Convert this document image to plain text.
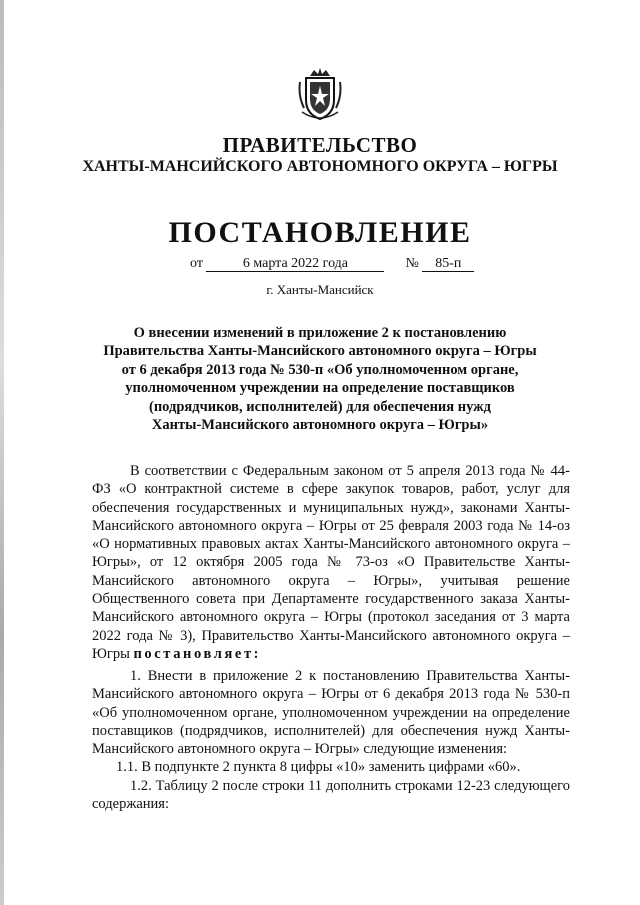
ПРАВИТЕЛЬСТВО
ХАНТЫ-МАНСИЙСКОГО АВТОНОМНОГО ОКРУГА – ЮГРЫ
ПОСТАНОВЛЕНИЕ
от	6 марта 2022 года	№ 85-п
г. Ханты-Мансийск
О внесении изменений в приложение 2 к постановлению
Правительства Ханты-Мансийского автономного округа – Югры
от 6 декабря 2013 года № 530-п «Об уполномоченном органе,
уполномоченном учреждении на определение поставщиков
(подрядчиков, исполнителей) для обеспечения нужд
Ханты-Мансийского автономного округа – Югры»

В соответствии с Федеральным законом от 5 апреля 2013 года № 44-ФЗ «О контрактной системе в сфере закупок товаров, работ, услуг для обеспечения государственных и муниципальных нужд», законами Ханты-Мансийского автономного округа – Югры от 25 февраля 2003 года № 14-оз «О нормативных правовых актах Ханты-Мансийского автономного округа – Югры», от 12 октября 2005 года № 73-оз «О Правительстве Ханты-Мансийского автономного округа – Югры», учитывая решение Общественного совета при Департаменте государственного заказа Ханты-Мансийского автономного округа – Югры (протокол заседания от 3 марта 2022 года № 3), Правительство Ханты-Мансийского автономного округа – Югры постановляет:

1. Внести в приложение 2 к постановлению Правительства Ханты-Мансийского автономного округа – Югры от 6 декабря 2013 года № 530-п «Об уполномоченном органе, уполномоченном учреждении на определение поставщиков (подрядчиков, исполнителей) для обеспечения нужд Ханты-Мансийского автономного округа – Югры» следующие изменения:

1.1. В подпункте 2 пункта 8 цифры «10» заменить цифрами «60».

1.2. Таблицу 2 после строки 11 дополнить строками 12-23 следующего содержания:
